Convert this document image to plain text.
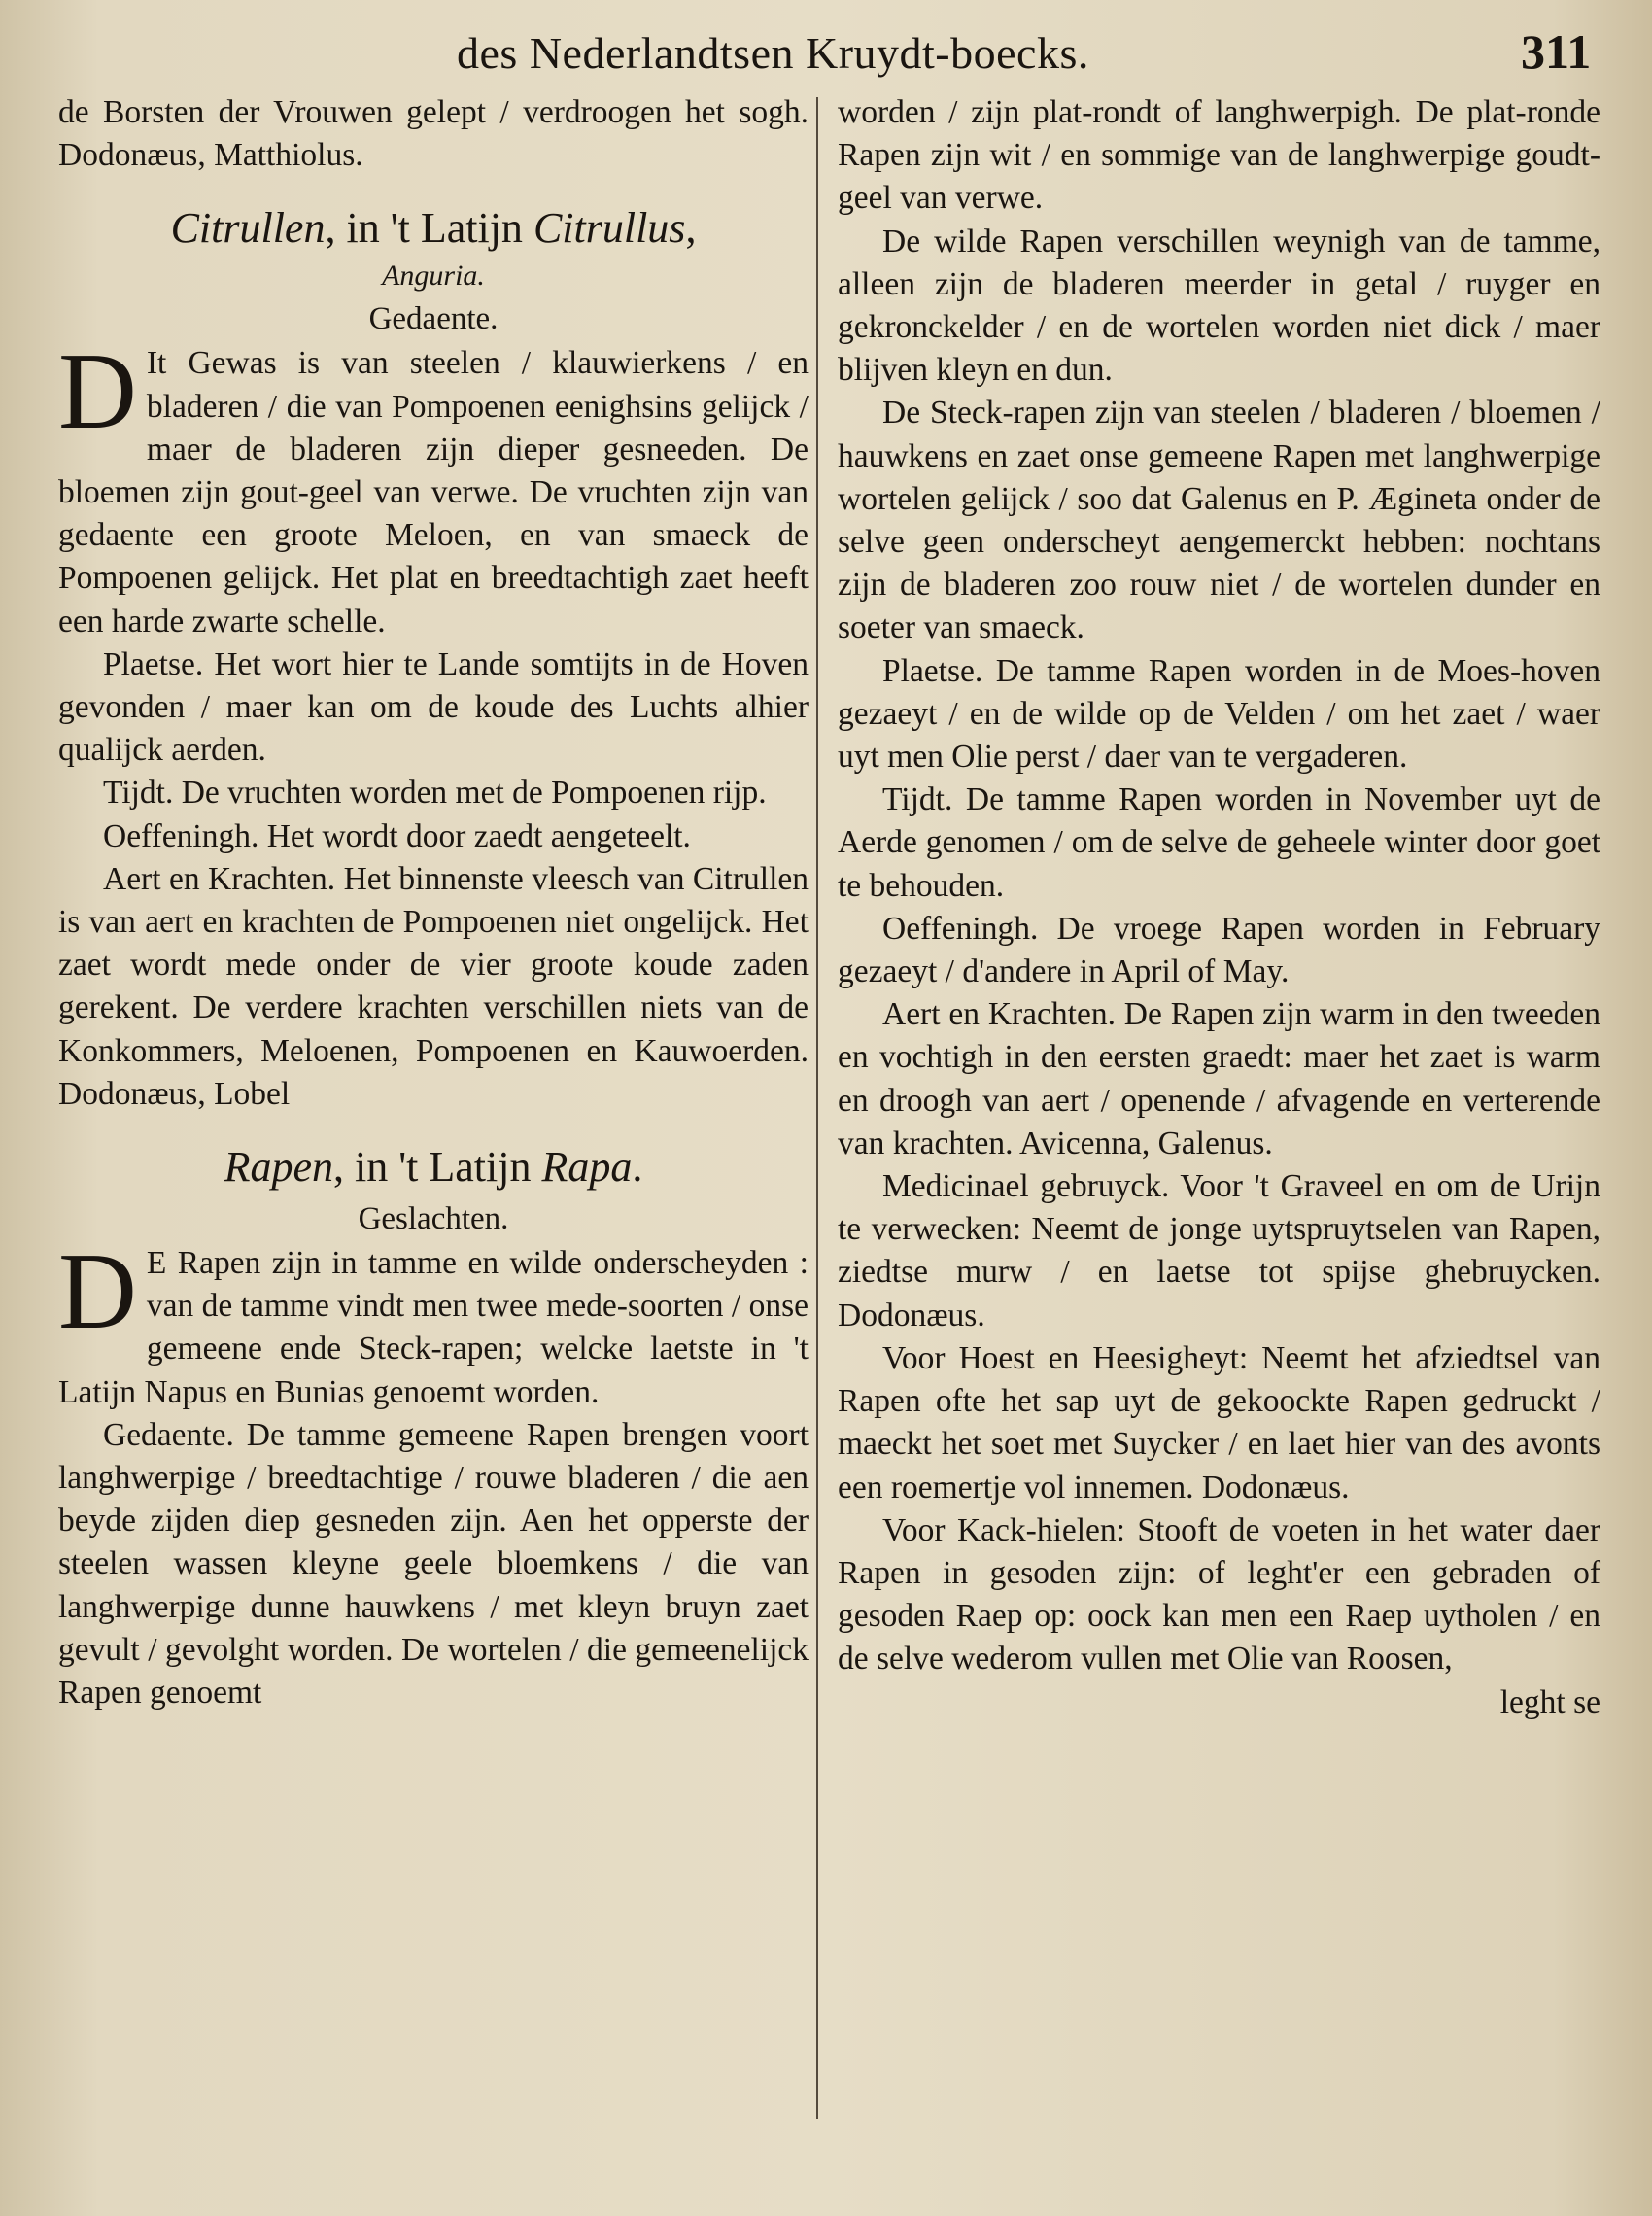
des Nederlandtsen Kruydt-boecks.	311

de Borsten der Vrouwen gelept / verdroogen het sogh. Dodonæus, Matthiolus.

Citrullen, in 't Latijn Citrullus,

Anguria.

Gedaente.

D It Gewas is van steelen / klauwierkens / en bladeren / die van Pompoenen eenighsins gelijck / maer de bladeren zijn dieper gesneeden. De bloemen zijn gout-geel van verwe. De vruchten zijn van gedaente een groote Meloen, en van smaeck de Pompoenen gelijck. Het plat en breedtachtigh zaet heeft een harde zwarte schelle.

Plaetse. Het wort hier te Lande somtijts in de Hoven gevonden / maer kan om de koude des Luchts alhier qualijck aerden.

Tijdt. De vruchten worden met de Pompoenen rijp.

Oeffeningh. Het wordt door zaedt aengeteelt.

Aert en Krachten. Het binnenste vleesch van Citrullen is van aert en krachten de Pompoenen niet ongelijck. Het zaet wordt mede onder de vier groote koude zaden gerekent. De verdere krachten verschillen niets van de Konkommers, Meloenen, Pompoenen en Kauwoerden. Dodonæus, Lobel

Rapen, in 't Latijn Rapa.

Geslachten.

D E Rapen zijn in tamme en wilde onderscheyden : van de tamme vindt men twee mede-soorten / onse gemeene ende Steck-rapen; welcke laetste in 't Latijn Napus en Bunias genoemt worden.

Gedaente. De tamme gemeene Rapen brengen voort langhwerpige / breedtachtige / rouwe bladeren / die aen beyde zijden diep gesneden zijn. Aen het opperste der steelen wassen kleyne geele bloemkens / die van langhwerpige dunne hauwkens / met kleyn bruyn zaet gevult / gevolght worden. De wortelen / die gemeenelijck Rapen genoemt

worden / zijn plat-rondt of langhwerpigh. De plat-ronde Rapen zijn wit / en sommige van de langhwerpige goudt-geel van verwe.

De wilde Rapen verschillen weynigh van de tamme, alleen zijn de bladeren meerder in getal / ruyger en gekronckelder / en de wortelen worden niet dick / maer blijven kleyn en dun.

De Steck-rapen zijn van steelen / bladeren / bloemen / hauwkens en zaet onse gemeene Rapen met langhwerpige wortelen gelijck / soo dat Galenus en P. Ægineta onder de selve geen onderscheyt aengemerckt hebben: nochtans zijn de bladeren zoo rouw niet / de wortelen dunder en soeter van smaeck.

Plaetse. De tamme Rapen worden in de Moes-hoven gezaeyt / en de wilde op de Velden / om het zaet / waer uyt men Olie perst / daer van te vergaderen.

Tijdt. De tamme Rapen worden in November uyt de Aerde genomen / om de selve de geheele winter door goet te behouden.

Oeffeningh. De vroege Rapen worden in February gezaeyt / d'andere in April of May.

Aert en Krachten. De Rapen zijn warm in den tweeden en vochtigh in den eersten graedt: maer het zaet is warm en droogh van aert / openende / afvagende en verterende van krachten. Avicenna, Galenus.

Medicinael gebruyck. Voor 't Graveel en om de Urijn te verwecken: Neemt de jonge uytspruytselen van Rapen, ziedtse murw / en laetse tot spijse ghebruycken. Dodonæus.

Voor Hoest en Heesigheyt: Neemt het afziedtsel van Rapen ofte het sap uyt de gekoockte Rapen gedruckt / maeckt het soet met Suycker / en laet hier van des avonts een roemertje vol innemen. Dodonæus.

Voor Kack-hielen: Stooft de voeten in het water daer Rapen in gesoden zijn: of leght'er een gebraden of gesoden Raep op: oock kan men een Raep uytholen / en de selve wederom vullen met Olie van Roosen,

leght se
